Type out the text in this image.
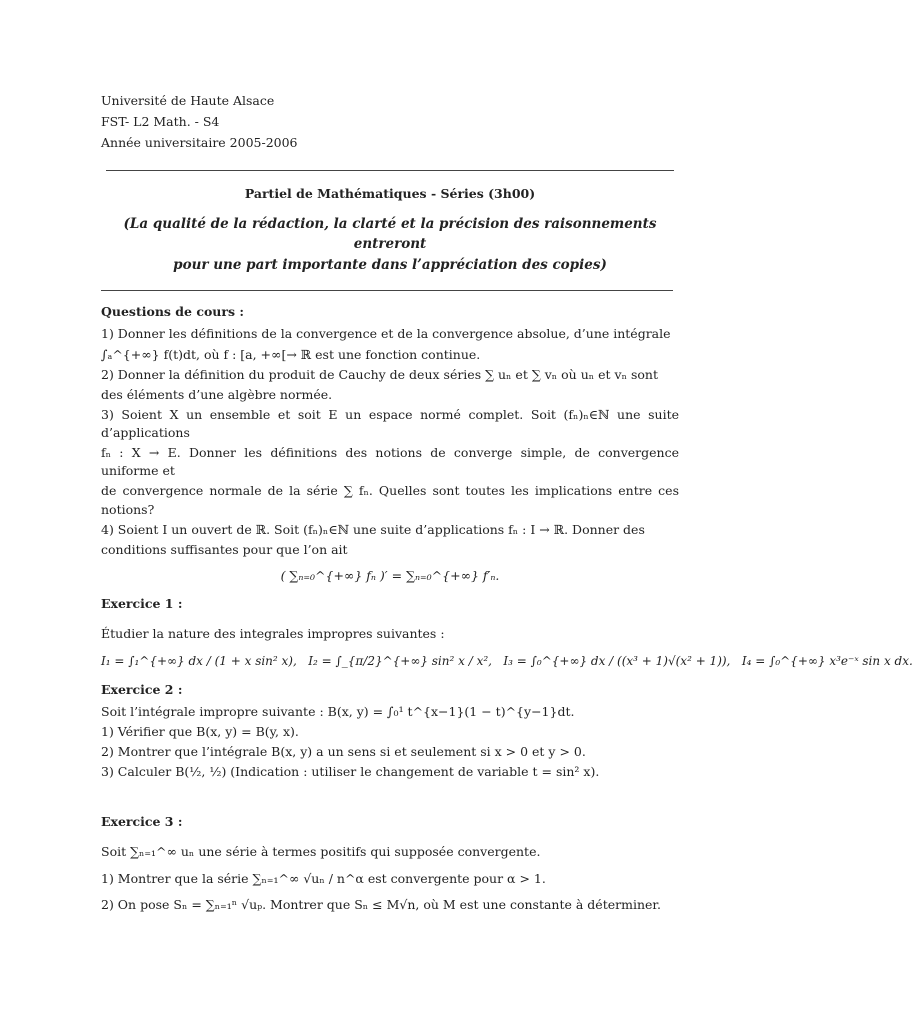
Université de Haute Alsace

FST- L2 Math. - S4

Année universitaire 2005-2006

Partiel de Mathématiques - Séries (3h00)

(La qualité de la rédaction, la clarté et la précision des raisonnements entreront

pour une part importante dans l’appréciation des copies)

Questions de cours :

1) Donner les définitions de la convergence et de la convergence absolue, d’une intégrale

∫ₐ^{+∞} f(t)dt, où f : [a, +∞[→ ℝ est une fonction continue.

2) Donner la définition du produit de Cauchy de deux séries ∑ uₙ et ∑ vₙ où uₙ et vₙ sont

des éléments d’une algèbre normée.

3) Soient X un ensemble et soit E un espace normé complet. Soit (fₙ)ₙ∈ℕ une suite d’applications

fₙ : X → E. Donner les définitions des notions de converge simple, de convergence uniforme et

de convergence normale de la série ∑ fₙ. Quelles sont toutes les implications entre ces notions?

4) Soient I un ouvert de ℝ. Soit (fₙ)ₙ∈ℕ une suite d’applications fₙ : I → ℝ. Donner des

conditions suffisantes pour que l’on ait

( ∑ₙ₌₀^{+∞} fₙ )′ = ∑ₙ₌₀^{+∞} f′ₙ.

Exercice 1 :

Étudier la nature des integrales impropres suivantes :

I₁ = ∫₁^{+∞} dx / (1 + x sin² x), I₂ = ∫_{π/2}^{+∞} sin² x / x², I₃ = ∫₀^{+∞} dx / ((x³ + 1)√(x² + 1)), I₄ = ∫₀^{+∞} x³e⁻ˣ sin x dx.

Exercice 2 :

Soit l’intégrale impropre suivante : B(x, y) = ∫₀¹ t^{x−1}(1 − t)^{y−1}dt.

1) Vérifier que B(x, y) = B(y, x).

2) Montrer que l’intégrale B(x, y) a un sens si et seulement si x > 0 et y > 0.

3) Calculer B(½, ½) (Indication : utiliser le changement de variable t = sin² x).

Exercice 3 :

Soit ∑ₙ₌₁^∞ uₙ une série à termes positifs qui supposée convergente.

1) Montrer que la série ∑ₙ₌₁^∞ √uₙ / n^α est convergente pour α > 1.

2) On pose Sₙ = ∑ₙ₌₁ⁿ √uₚ. Montrer que Sₙ ≤ M√n, où M est une constante à déterminer.
